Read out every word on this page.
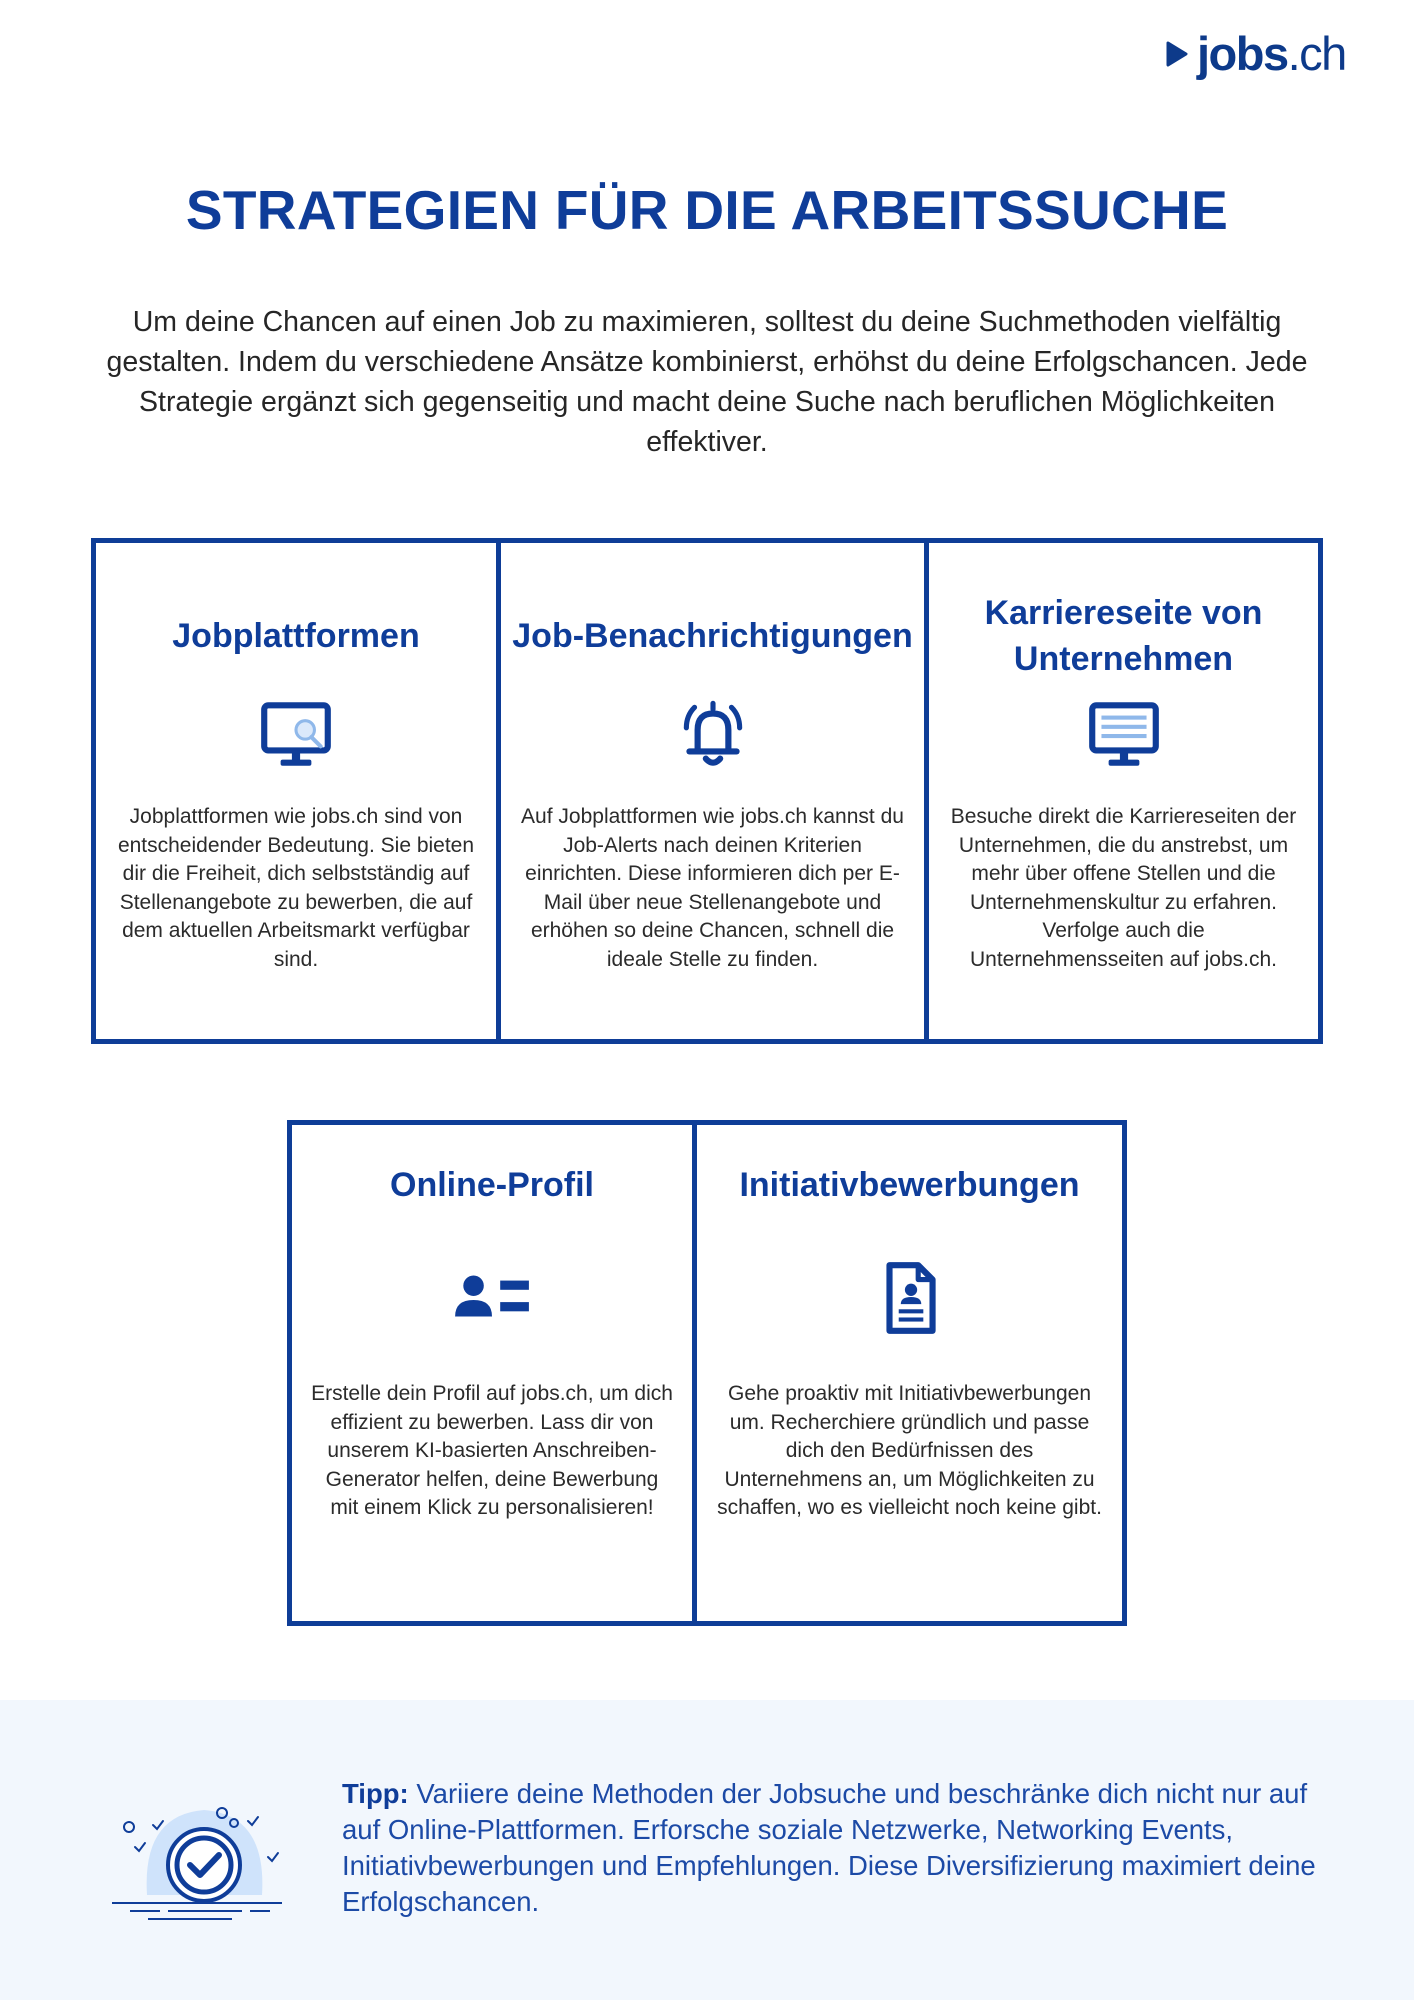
jobs.ch
STRATEGIEN FÜR DIE ARBEITSSUCHE

Um deine Chancen auf einen Job zu maximieren, solltest du deine Suchmethoden vielfältig gestalten. Indem du verschiedene Ansätze kombinierst, erhöhst du deine Erfolgschancen. Jede Strategie ergänzt sich gegenseitig und macht deine Suche nach beruflichen Möglichkeiten effektiver.

Jobplattformen

Jobplattformen wie jobs.ch sind von entscheidender Bedeutung. Sie bieten dir die Freiheit, dich selbstständig auf Stellenangebote zu bewerben, die auf dem aktuellen Arbeitsmarkt verfügbar sind.

Job-Benachrichtigungen

Auf Jobplattformen wie jobs.ch kannst du Job-Alerts nach deinen Kriterien einrichten. Diese informieren dich per E-Mail über neue Stellenangebote und erhöhen so deine Chancen, schnell die ideale Stelle zu finden.

Karriereseite von Unternehmen

Besuche direkt die Karriereseiten der Unternehmen, die du anstrebst, um mehr über offene Stellen und die Unternehmenskultur zu erfahren. Verfolge auch die Unternehmensseiten auf jobs.ch.

Online-Profil

Erstelle dein Profil auf jobs.ch, um dich effizient zu bewerben. Lass dir von unserem KI-basierten Anschreiben-Generator helfen, deine Bewerbung mit einem Klick zu personalisieren!

Initiativbewerbungen

Gehe proaktiv mit Initiativbewerbungen um. Recherchiere gründlich und passe dich den Bedürfnissen des Unternehmens an, um Möglichkeiten zu schaffen, wo es vielleicht noch keine gibt.

Tipp: Variiere deine Methoden der Jobsuche und beschränke dich nicht nur auf auf Online-Plattformen. Erforsche soziale Netzwerke, Networking Events, Initiativbewerbungen und Empfehlungen. Diese Diversifizierung maximiert deine Erfolgschancen.
